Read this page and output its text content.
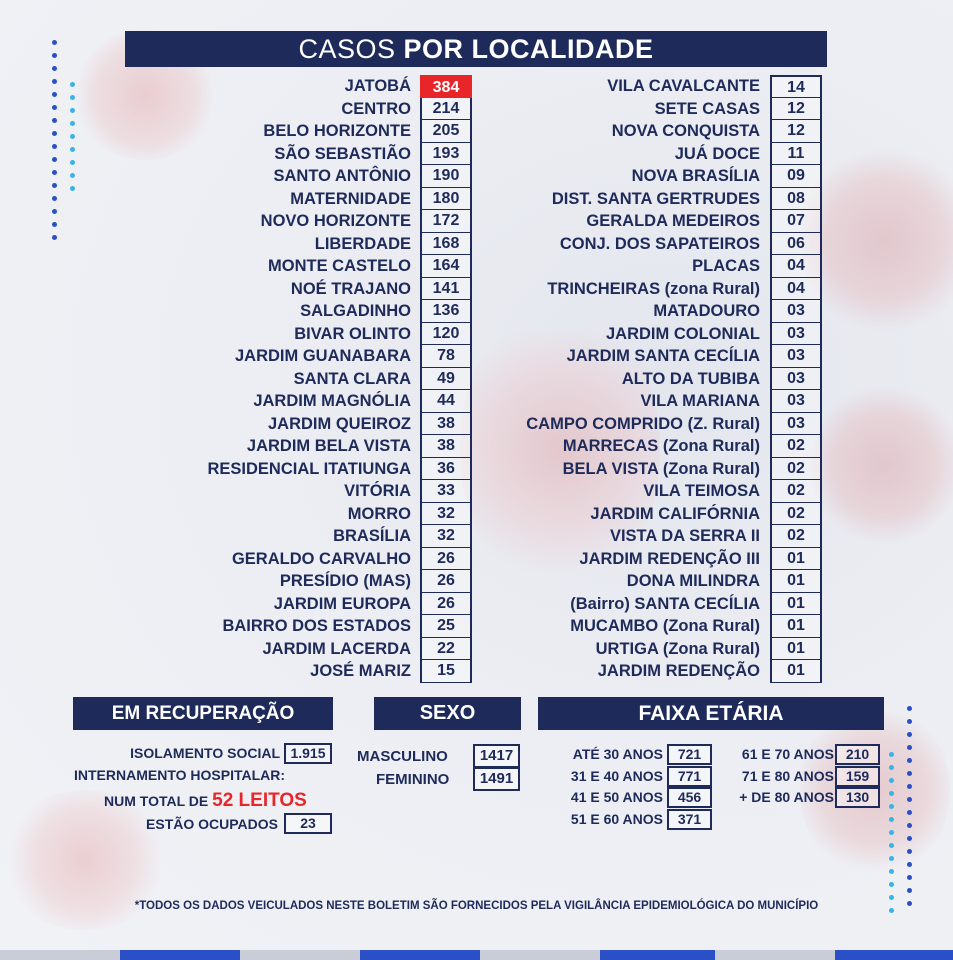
CASOS POR LOCALIDADE
JATOBÁ	384
CENTRO	214
BELO HORIZONTE	205
SÃO SEBASTIÃO	193
SANTO ANTÔNIO	190
MATERNIDADE	180
NOVO HORIZONTE	172
LIBERDADE	168
MONTE CASTELO	164
NOÉ TRAJANO	141
SALGADINHO	136
BIVAR OLINTO	120
JARDIM GUANABARA	78
SANTA CLARA	49
JARDIM MAGNÓLIA	44
JARDIM QUEIROZ	38
JARDIM BELA VISTA	38
RESIDENCIAL ITATIUNGA	36
VITÓRIA	33
MORRO	32
BRASÍLIA	32
GERALDO CARVALHO	26
PRESÍDIO (MAS)	26
JARDIM EUROPA	26
BAIRRO DOS ESTADOS	25
JARDIM LACERDA	22
JOSÉ MARIZ	15
VILA CAVALCANTE	14
SETE CASAS	12
NOVA CONQUISTA	12
JUÁ DOCE	11
NOVA BRASÍLIA	09
DIST. SANTA GERTRUDES	08
GERALDA MEDEIROS	07
CONJ. DOS SAPATEIROS	06
PLACAS	04
TRINCHEIRAS (zona Rural)	04
MATADOURO	03
JARDIM COLONIAL	03
JARDIM SANTA CECÍLIA	03
ALTO DA TUBIBA	03
VILA MARIANA	03
CAMPO COMPRIDO (Z. Rural)	03
MARRECAS (Zona Rural)	02
BELA VISTA (Zona Rural)	02
VILA TEIMOSA	02
JARDIM CALIFÓRNIA	02
VISTA DA SERRA II	02
JARDIM REDENÇÃO III	01
DONA MILINDRA	01
(Bairro) SANTA CECÍLIA	01
MUCAMBO (Zona Rural)	01
URTIGA (Zona Rural)	01
JARDIM REDENÇÃO	01
EM RECUPERAÇÃO
ISOLAMENTO SOCIAL 1.915
INTERNAMENTO HOSPITALAR:
NUM TOTAL DE 52 LEITOS
ESTÃO OCUPADOS	23
SEXO
MASCULINO	1417
FEMININO	1491
FAIXA ETÁRIA
ATÉ 30 ANOS	721
31 E 40 ANOS	771
41 E 50 ANOS	456
51 E 60 ANOS	371
61 E 70 ANOS 210
71 E 80 ANOS 159
+ DE 80 ANOS 130
*TODOS OS DADOS VEICULADOS NESTE BOLETIM SÃO FORNECIDOS PELA VIGILÂNCIA EPIDEMIOLÓGICA DO MUNICÍPIO
